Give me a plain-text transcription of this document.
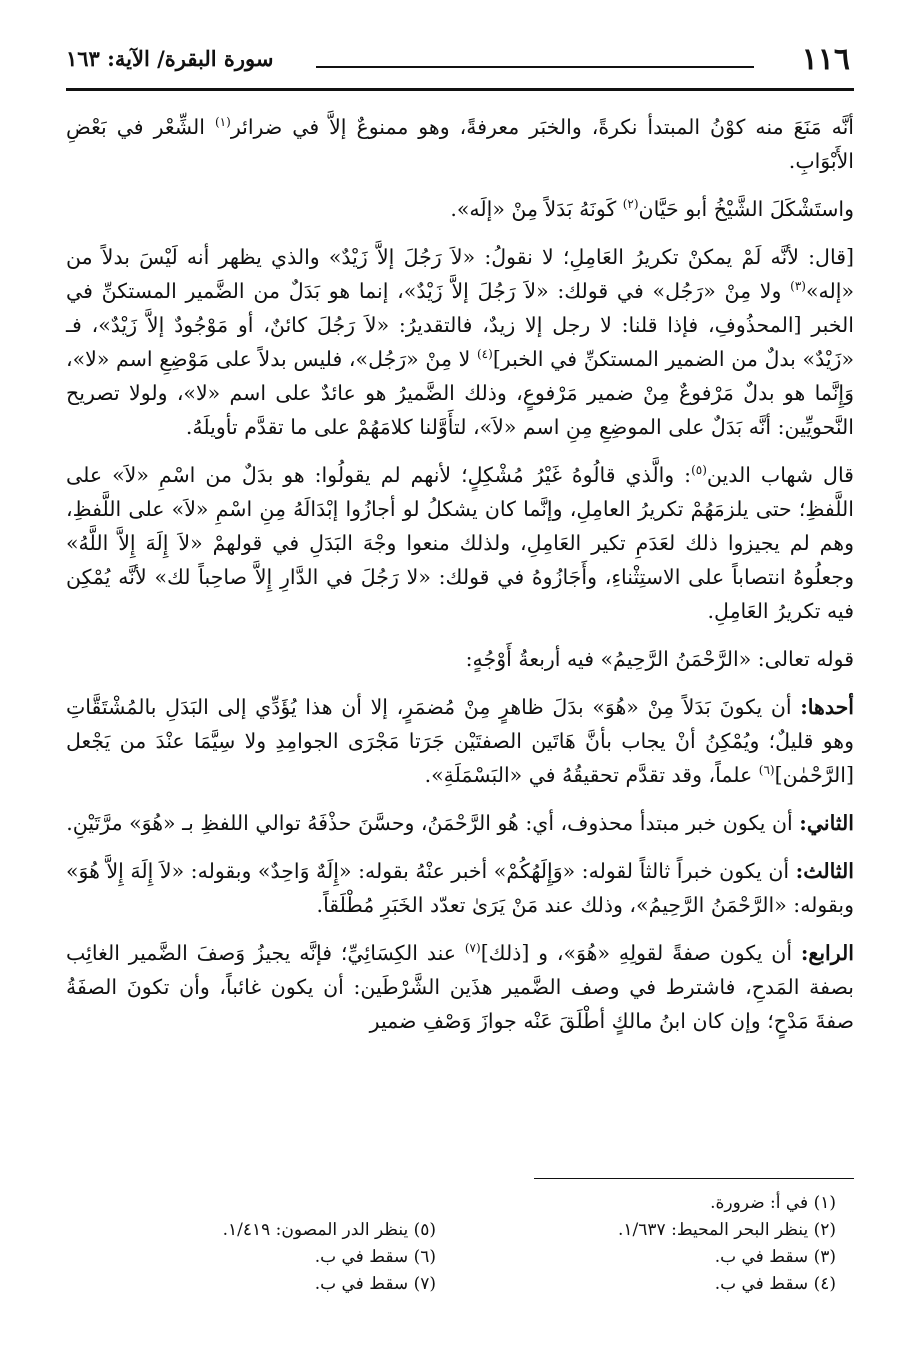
١١٦
سورة البقرة/ الآية: ١٦٣

أنَّه مَنَعَ منه كوْنُ المبتدأ نكرةً، والخبَر معرفةً، وهو ممنوعٌ إلاَّ في ضرائر$^{(١)}$ الشِّعْر في بَعْضِ الأَبْوَابِ.

واستَشْكَلَ الشَّيْخُ أبو حَيَّان$^{(٢)}$ كَونَهُ بَدَلاً مِنْ «إلَه».

[قال: لأنَّه لَمْ يمكنْ تكريرُ العَامِلِ؛ لا نقولُ: «لاَ رَجُلَ إلاَّ زَيْدٌ» والذي يظهر أنه لَيْسَ بدلاً من «إله»$^{(٣)}$ ولا مِنْ «رَجُل» في قولك: «لاَ رَجُلَ إلاَّ زَيْدٌ»، إنما هو بَدَلٌ من الضَّمير المستكنِّ في الخبر [المحذُوفِ، فإذا قلنا: لا رجل إلا زيدٌ، فالتقديرُ: «لاَ رَجُلَ كائنٌ، أو مَوْجُودٌ إلاَّ زَيْدٌ»، فـ «زَيْدٌ» بدلٌ من الضمير المستكنِّ في الخبر]$^{(٤)}$ لا مِنْ «رَجُل»، فليس بدلاً على مَوْضِعِ اسم «لا»، وَإِنَّما هو بدلٌ مَرْفوعٌ مِنْ ضمير مَرْفوعٍ، وذلك الضَّميرُ هو عائدٌ على اسم «لا»، ولولا تصريح النَّحويِّين: أنَّه بَدَلٌ على الموضِعِ مِنِ اسم «لاَ»، لتأَوَّلنا كلامَهُمْ على ما تقدَّم تأويلَهُ.

قال شهاب الدين$^{(٥)}$: والَّذي قالُوهُ غَيْرُ مُشْكِلٍ؛ لأنهم لم يقولُوا: هو بدَلٌ من اسْمِ «لاَ» على اللَّفظِ؛ حتى يلزمَهُمْ تكريرُ العامِلِ، وإنَّما كان يشكلُ لو أجازُوا إبْدَالَهُ مِنِ اسْمِ «لاَ» على اللَّفظِ، وهم لم يجيزوا ذلك لعَدَمِ تكير العَامِلِ، ولذلك منعوا وجْهَ البَدَلِ في قولهمْ «لاَ إِلَهَ إِلاَّ اللَّهُ» وجعلُوهُ انتصاباً على الاستِثْناءِ، وأَجَازُوهُ في قولك: «لا رَجُلَ في الدَّارِ إِلاَّ صاحِباً لك» لأنَّه يُمْكِن فيه تكريرُ العَامِلِ.

قوله تعالى: «الرَّحْمَنُ الرَّحِيمُ» فيه أربعةُ أَوْجُهٍ:

أحدها: أن يكونَ بَدَلاً مِنْ «هُوَ» بدَلَ ظاهرٍ مِنْ مُضمَرٍ، إلا أن هذا يُؤَدِّي إلى البَدَلِ بالمُشْتَقَّاتِ وهو قليلٌ؛ ويُمْكِنُ أنْ يجاب بأنَّ هَاتَين الصفتَيْن جَرَتا مَجْرَى الجوامِدِ ولا سِيَّمَا عنْدَ من يَجْعل [الرَّحْمٰن]$^{(٦)}$ علماً، وقد تقدَّم تحقيقُهُ في «البَسْمَلَةِ».

الثاني: أن يكون خبر مبتدأ محذوف، أي: هُو الرَّحْمَنُ، وحسَّنَ حذْفَهُ توالي اللفظِ بـ «هُوَ» مرَّتَيْنِ.

الثالث: أن يكون خبراً ثالثاً لقوله: «وَإِلَهُكُمْ» أخبر عنْهُ بقوله: «إِلَهٌ وَاحِدٌ» وبقوله: «لاَ إِلَهَ إِلاَّ هُوَ» وبقوله: «الرَّحْمَنُ الرَّحِيمُ»، وذلك عند مَنْ يَرَىٰ تعدّد الخَبَرِ مُطْلَقاً.

الرابع: أن يكون صفةً لقولِهِ «هُوَ»، و [ذلك]$^{(٧)}$ عند الكِسَائِيِّ؛ فإنَّه يجيزُ وَصفَ الضَّمير الغائِب بصفة المَدحِ، فاشترط في وصف الضَّمير هذَين الشَّرْطَين: أن يكون غائباً، وأن تكونَ الصفَةُ صفةَ مَدْحٍ؛ وإن كان ابنُ مالكٍ أطْلَقَ عَنْه جوازَ وَصْفِ ضمير

(١) في أ: ضرورة.
(٢) ينظر البحر المحيط: ١/٦٣٧.
(٣) سقط في ب.
(٤) سقط في ب.
(٥) ينظر الدر المصون: ١/٤١٩.
(٦) سقط في ب.
(٧) سقط في ب.
